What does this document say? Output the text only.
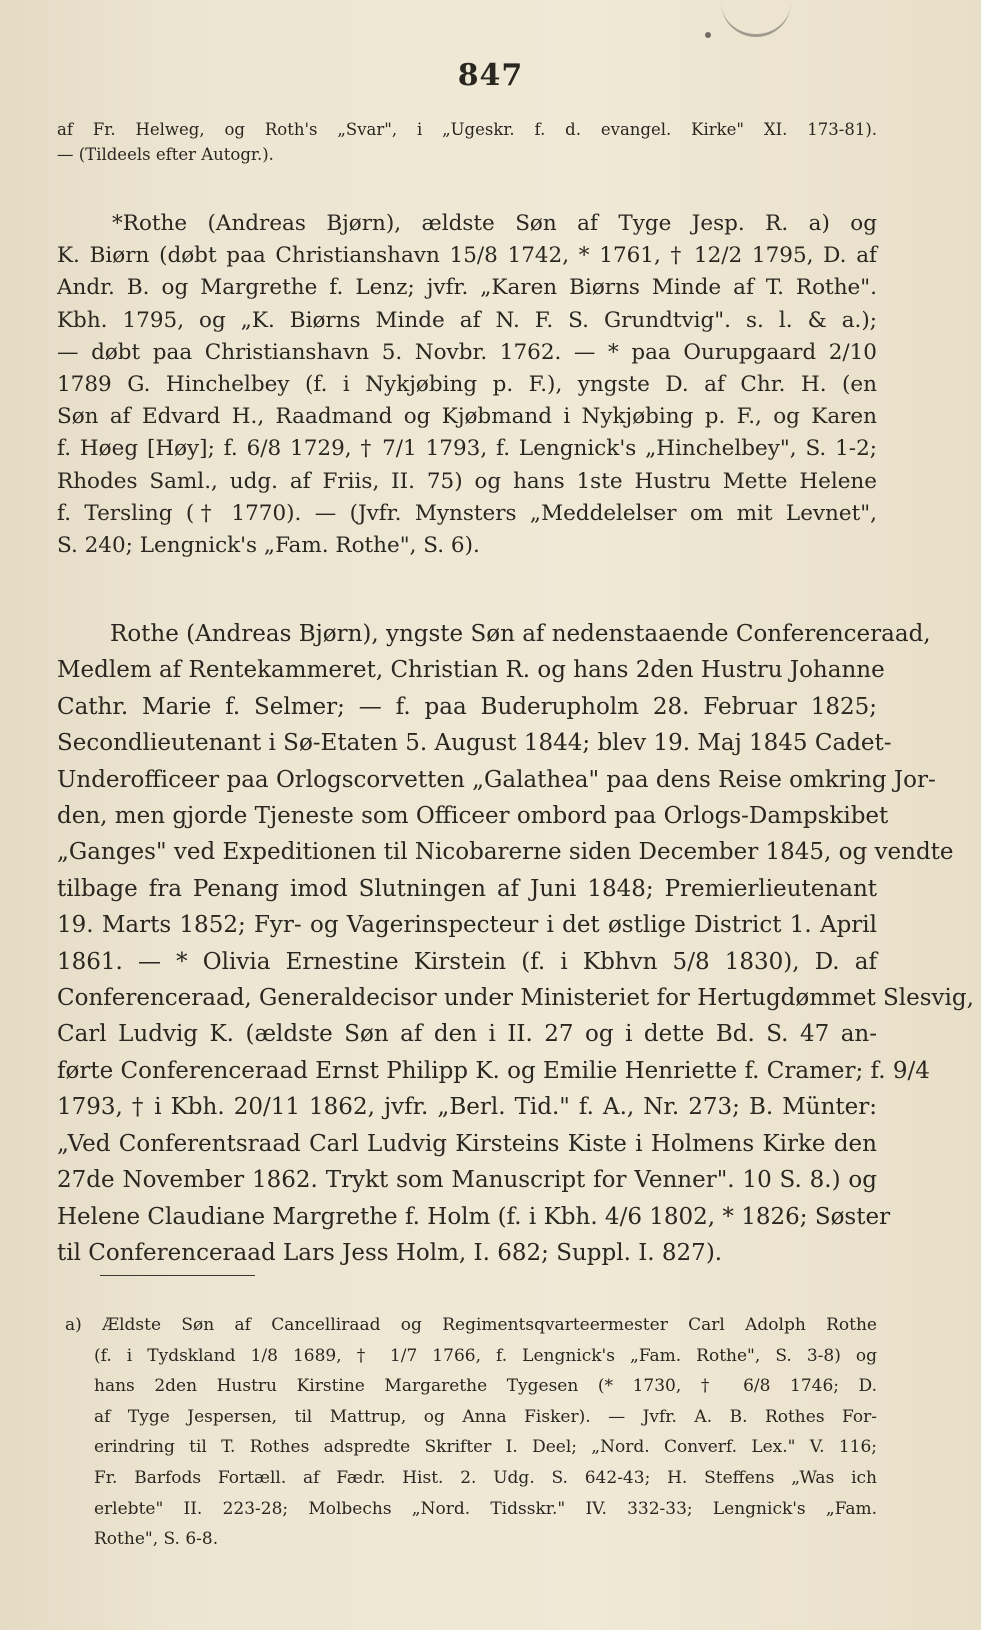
847
af Fr. Helweg, og Roth's „Svar", i „Ugeskr. f. d. evangel. Kirke" XI. 173-81).
— (Tildeels efter Autogr.).
*Rothe (Andreas Bjørn), ældste Søn af Tyge Jesp. R. a) og
K. Biørn (døbt paa Christianshavn 15/8 1742, * 1761, † 12/2 1795, D. af
Andr. B. og Margrethe f. Lenz; jvfr. „Karen Biørns Minde af T. Rothe".
Kbh. 1795, og „K. Biørns Minde af N. F. S. Grundtvig". s. l. & a.);
— døbt paa Christianshavn 5. Novbr. 1762. — * paa Ourupgaard 2/10
1789 G. Hinchelbey (f. i Nykjøbing p. F.), yngste D. af Chr. H. (en
Søn af Edvard H., Raadmand og Kjøbmand i Nykjøbing p. F., og Karen
f. Høeg [Høy]; f. 6/8 1729, † 7/1 1793, f. Lengnick's „Hinchelbey", S. 1-2;
Rhodes Saml., udg. af Friis, II. 75) og hans 1ste Hustru Mette Helene
f. Tersling († 1770). — (Jvfr. Mynsters „Meddelelser om mit Levnet",
S. 240; Lengnick's „Fam. Rothe", S. 6).
Rothe (Andreas Bjørn), yngste Søn af nedenstaaende Conferenceraad,
Medlem af Rentekammeret, Christian R. og hans 2den Hustru Johanne
Cathr. Marie f. Selmer; — f. paa Buderupholm 28. Februar 1825;
Secondlieutenant i Sø-Etaten 5. August 1844; blev 19. Maj 1845 Cadet-
Underofficeer paa Orlogscorvetten „Galathea" paa dens Reise omkring Jor-
den, men gjorde Tjeneste som Officeer ombord paa Orlogs-Dampskibet
„Ganges" ved Expeditionen til Nicobarerne siden December 1845, og vendte
tilbage fra Penang imod Slutningen af Juni 1848; Premierlieutenant
19. Marts 1852; Fyr- og Vagerinspecteur i det østlige District 1. April
1861. — * Olivia Ernestine Kirstein (f. i Kbhvn 5/8 1830), D. af
Conferenceraad, Generaldecisor under Ministeriet for Hertugdømmet Slesvig,
Carl Ludvig K. (ældste Søn af den i II. 27 og i dette Bd. S. 47 an-
førte Conferenceraad Ernst Philipp K. og Emilie Henriette f. Cramer; f. 9/4
1793, † i Kbh. 20/11 1862, jvfr. „Berl. Tid." f. A., Nr. 273; B. Münter:
„Ved Conferentsraad Carl Ludvig Kirsteins Kiste i Holmens Kirke den
27de November 1862. Trykt som Manuscript for Venner". 10 S. 8.) og
Helene Claudiane Margrethe f. Holm (f. i Kbh. 4/6 1802, * 1826; Søster
til Conferenceraad Lars Jess Holm, I. 682; Suppl. I. 827).
a) Ældste Søn af Cancelliraad og Regimentsqvarteermester Carl Adolph Rothe
(f. i Tydskland 1/8 1689, † 1/7 1766, f. Lengnick's „Fam. Rothe", S. 3-8) og
hans 2den Hustru Kirstine Margarethe Tygesen (* 1730, † 6/8 1746; D.
af Tyge Jespersen, til Mattrup, og Anna Fisker). — Jvfr. A. B. Rothes For-
erindring til T. Rothes adspredte Skrifter I. Deel; „Nord. Converf. Lex." V. 116;
Fr. Barfods Fortæll. af Fædr. Hist. 2. Udg. S. 642-43; H. Steffens „Was ich
erlebte" II. 223-28; Molbechs „Nord. Tidsskr." IV. 332-33; Lengnick's „Fam.
Rothe", S. 6-8.
